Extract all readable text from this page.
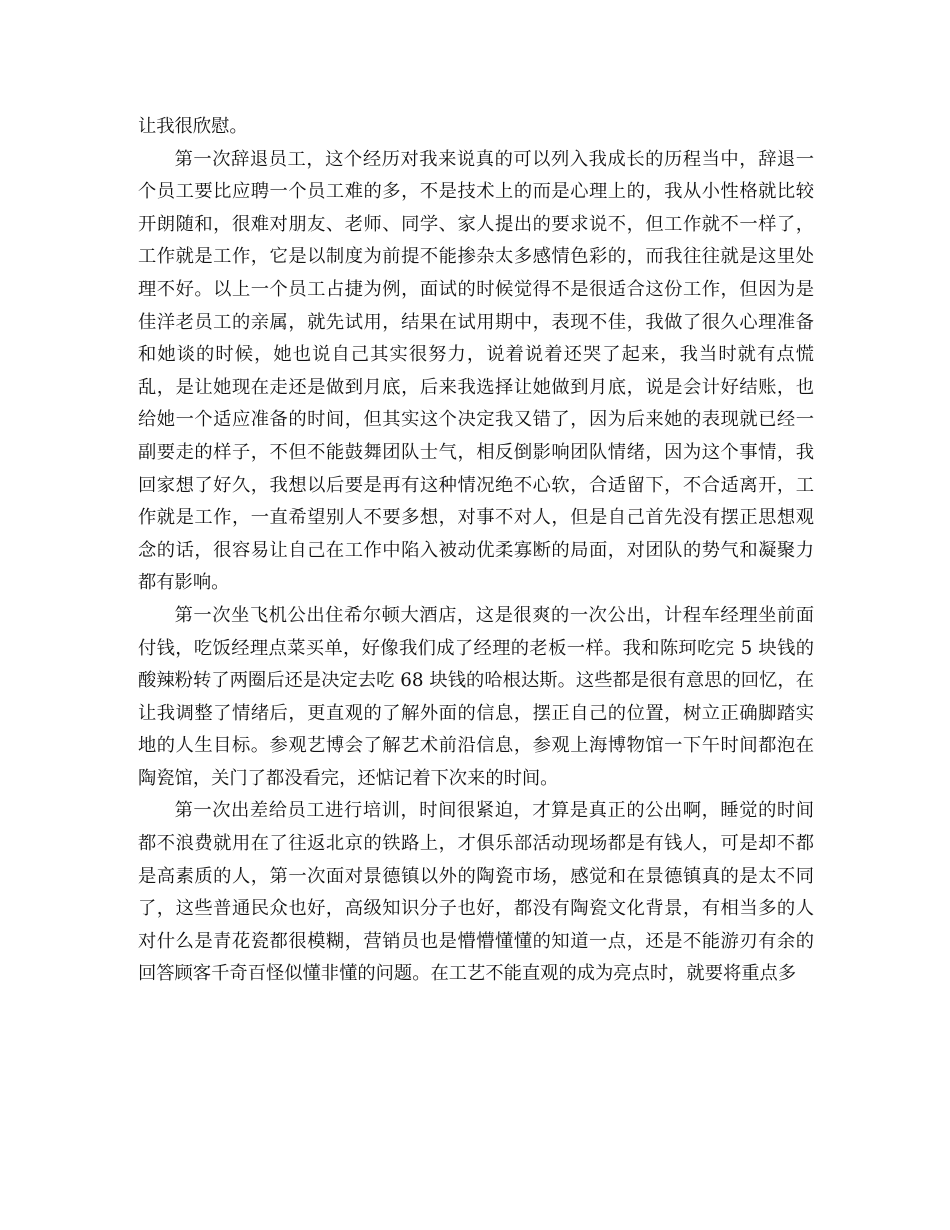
让我很欣慰。

第一次辞退员工，这个经历对我来说真的可以列入我成长的历程当中，辞退一个员工要比应聘一个员工难的多，不是技术上的而是心理上的，我从小性格就比较开朗随和，很难对朋友、老师、同学、家人提出的要求说不，但工作就不一样了，工作就是工作，它是以制度为前提不能掺杂太多感情色彩的，而我往往就是这里处理不好。以上一个员工占捷为例，面试的时候觉得不是很适合这份工作，但因为是佳洋老员工的亲属，就先试用，结果在试用期中，表现不佳，我做了很久心理准备和她谈的时候，她也说自己其实很努力，说着说着还哭了起来，我当时就有点慌乱，是让她现在走还是做到月底，后来我选择让她做到月底，说是会计好结账，也给她一个适应准备的时间，但其实这个决定我又错了，因为后来她的表现就已经一副要走的样子，不但不能鼓舞团队士气，相反倒影响团队情绪，因为这个事情，我回家想了好久，我想以后要是再有这种情况绝不心软，合适留下，不合适离开，工作就是工作，一直希望别人不要多想，对事不对人，但是自己首先没有摆正思想观念的话，很容易让自己在工作中陷入被动优柔寡断的局面，对团队的势气和凝聚力都有影响。

第一次坐飞机公出住希尔顿大酒店，这是很爽的一次公出，计程车经理坐前面付钱，吃饭经理点菜买单，好像我们成了经理的老板一样。我和陈珂吃完 5 块钱的酸辣粉转了两圈后还是决定去吃 68 块钱的哈根达斯。这些都是很有意思的回忆，在让我调整了情绪后，更直观的了解外面的信息，摆正自己的位置，树立正确脚踏实地的人生目标。参观艺博会了解艺术前沿信息，参观上海博物馆一下午时间都泡在陶瓷馆，关门了都没看完，还惦记着下次来的时间。

第一次出差给员工进行培训，时间很紧迫，才算是真正的公出啊，睡觉的时间都不浪费就用在了往返北京的铁路上，才俱乐部活动现场都是有钱人，可是却不都是高素质的人，第一次面对景德镇以外的陶瓷市场，感觉和在景德镇真的是太不同了，这些普通民众也好，高级知识分子也好，都没有陶瓷文化背景，有相当多的人对什么是青花瓷都很模糊，营销员也是懵懵懂懂的知道一点，还是不能游刃有余的回答顾客千奇百怪似懂非懂的问题。在工艺不能直观的成为亮点时，就要将重点多
